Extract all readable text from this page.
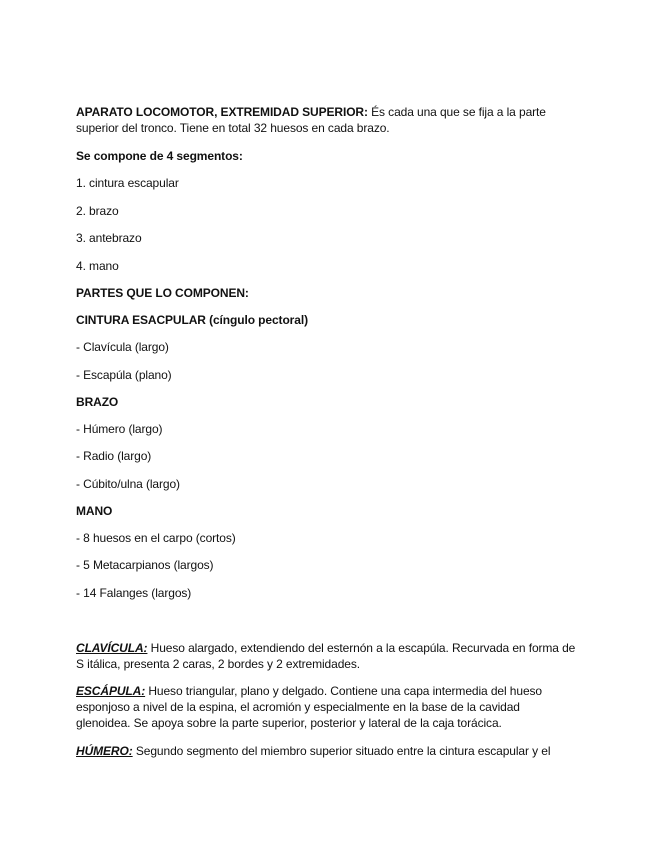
APARATO LOCOMOTOR, EXTREMIDAD SUPERIOR: És cada una que se fija a la parte

superior del tronco. Tiene en total 32 huesos en cada brazo.

Se compone de 4 segmentos:

1. cintura escapular

2. brazo

3. antebrazo

4. mano

PARTES QUE LO COMPONEN:

CINTURA ESACPULAR (cíngulo pectoral)

- Clavícula (largo)

- Escapúla (plano)

BRAZO

- Húmero (largo)

- Radio (largo)

- Cúbito/ulna (largo)

MANO

- 8 huesos en el carpo (cortos)

- 5 Metacarpianos (largos)

- 14 Falanges (largos)

CLAVÍCULA: Hueso alargado, extendiendo del esternón a la escapúla. Recurvada en forma de

S itálica, presenta 2 caras, 2 bordes y 2 extremidades.

ESCÁPULA: Hueso triangular, plano y delgado. Contiene una capa intermedia del hueso

esponjoso a nivel de la espina, el acromión y especialmente en la base de la cavidad

glenoidea. Se apoya sobre la parte superior, posterior y lateral de la caja torácica.

HÚMERO: Segundo segmento del miembro superior situado entre la cintura escapular y el
